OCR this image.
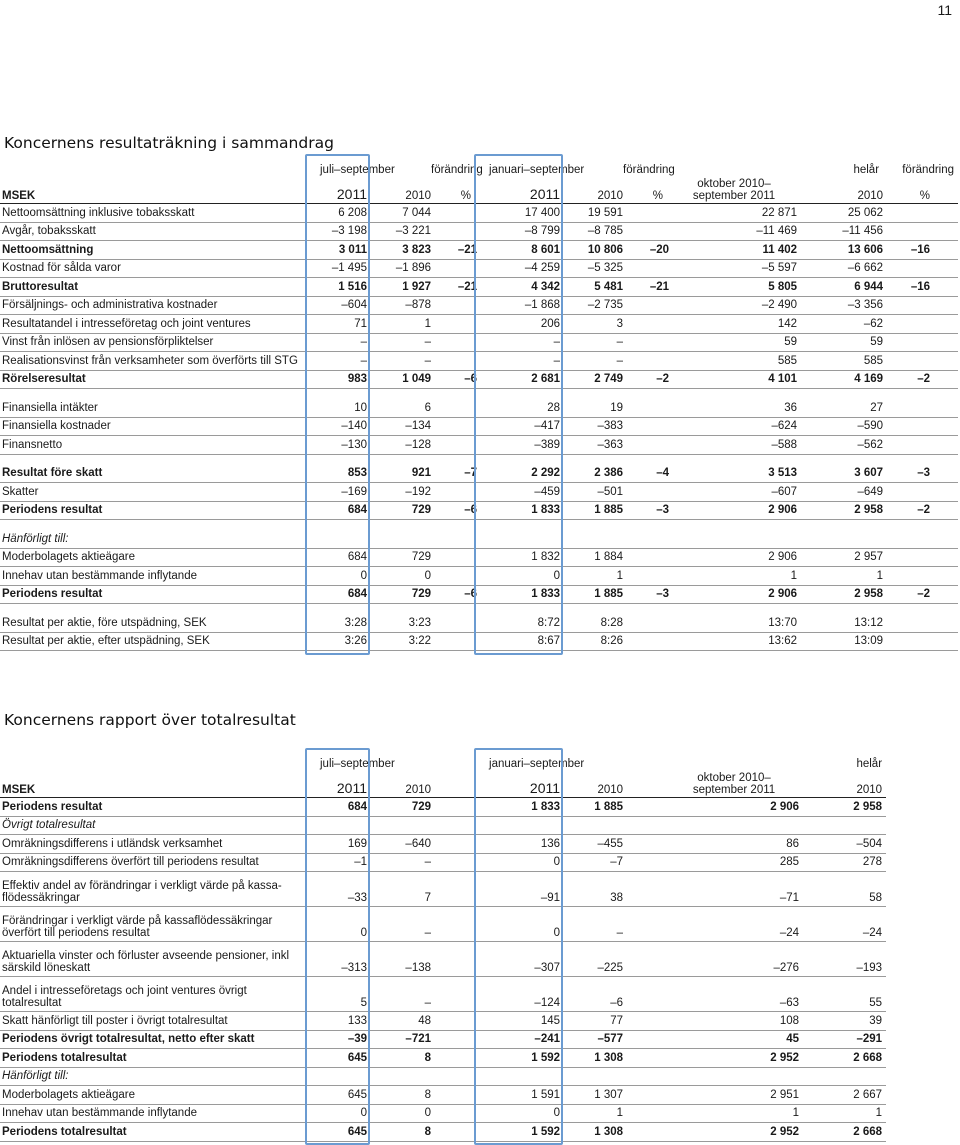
11
Koncernens resultaträkning i sammandrag
	juli–september		förändring	januari–september		förändring		helår	förändring
MSEK	2011	2010	%	2011	2010	%	oktober 2010–
september 2011	2010	%
Nettoomsättning inklusive tobaksskatt	6 208	7 044		17 400	19 591		22 871	25 062	
Avgår, tobaksskatt	–3 198	–3 221		–8 799	–8 785		–11 469	–11 456	
Nettoomsättning	3 011	3 823	–21	8 601	10 806	–20	11 402	13 606	–16
Kostnad för sålda varor	–1 495	–1 896		–4 259	–5 325		–5 597	–6 662	
Bruttoresultat	1 516	1 927	–21	4 342	5 481	–21	5 805	6 944	–16
Försäljnings- och administrativa kostnader	–604	–878		–1 868	–2 735		–2 490	–3 356	
Resultatandel i intresseföretag och joint ventures	71	1		206	3		142	–62	
Vinst från inlösen av pensionsförpliktelser	–	–		–	–		59	59	
Realisationsvinst från verksamheter som överförts till STG	–	–		–	–		585	585	
Rörelseresultat	983	1 049	–6	2 681	2 749	–2	4 101	4 169	–2

Finansiella intäkter	10	6		28	19		36	27	
Finansiella kostnader	–140	–134		–417	–383		–624	–590	
Finansnetto	–130	–128		–389	–363		–588	–562	

Resultat före skatt	853	921	–7	2 292	2 386	–4	3 513	3 607	–3
Skatter	–169	–192		–459	–501		–607	–649	
Periodens resultat	684	729	–6	1 833	1 885	–3	2 906	2 958	–2

Hänförligt till:									
Moderbolagets aktieägare	684	729		1 832	1 884		2 906	2 957	
Innehav utan bestämmande inflytande	0	0		0	1		1	1	
Periodens resultat	684	729	–6	1 833	1 885	–3	2 906	2 958	–2

Resultat per aktie, före utspädning, SEK	3:28	3:23		8:72	8:28		13:70	13:12	
Resultat per aktie, efter utspädning, SEK	3:26	3:22		8:67	8:26		13:62	13:09	
Koncernens rapport över totalresultat
	juli–september			januari–september				helår
MSEK	2011	2010		2011	2010		oktober 2010–
september 2011	2010
Periodens resultat	684	729		1 833	1 885		2 906	2 958
Övrigt totalresultat								
Omräkningsdifferens i utländsk verksamhet	169	–640		136	–455		86	–504
Omräkningsdifferens överfört till periodens resultat	–1	–		0	–7		285	278
Effektiv andel av förändringar i verkligt värde på kassa-flödessäkringar	–33	7		–91	38		–71	58
Förändringar i verkligt värde på kassaflödessäkringar överfört till periodens resultat	0	–		0	–		–24	–24
Aktuariella vinster och förluster avseende pensioner, inkl särskild löneskatt	–313	–138		–307	–225		–276	–193
Andel i intresseföretags och joint ventures övrigt totalresultat	5	–		–124	–6		–63	55
Skatt hänförligt till poster i övrigt totalresultat	133	48		145	77		108	39
Periodens övrigt totalresultat, netto efter skatt	–39	–721		–241	–577		45	–291
Periodens totalresultat	645	8		1 592	1 308		2 952	2 668
Hänförligt till:								
Moderbolagets aktieägare	645	8		1 591	1 307		2 951	2 667
Innehav utan bestämmande inflytande	0	0		0	1		1	1
Periodens totalresultat	645	8		1 592	1 308		2 952	2 668
